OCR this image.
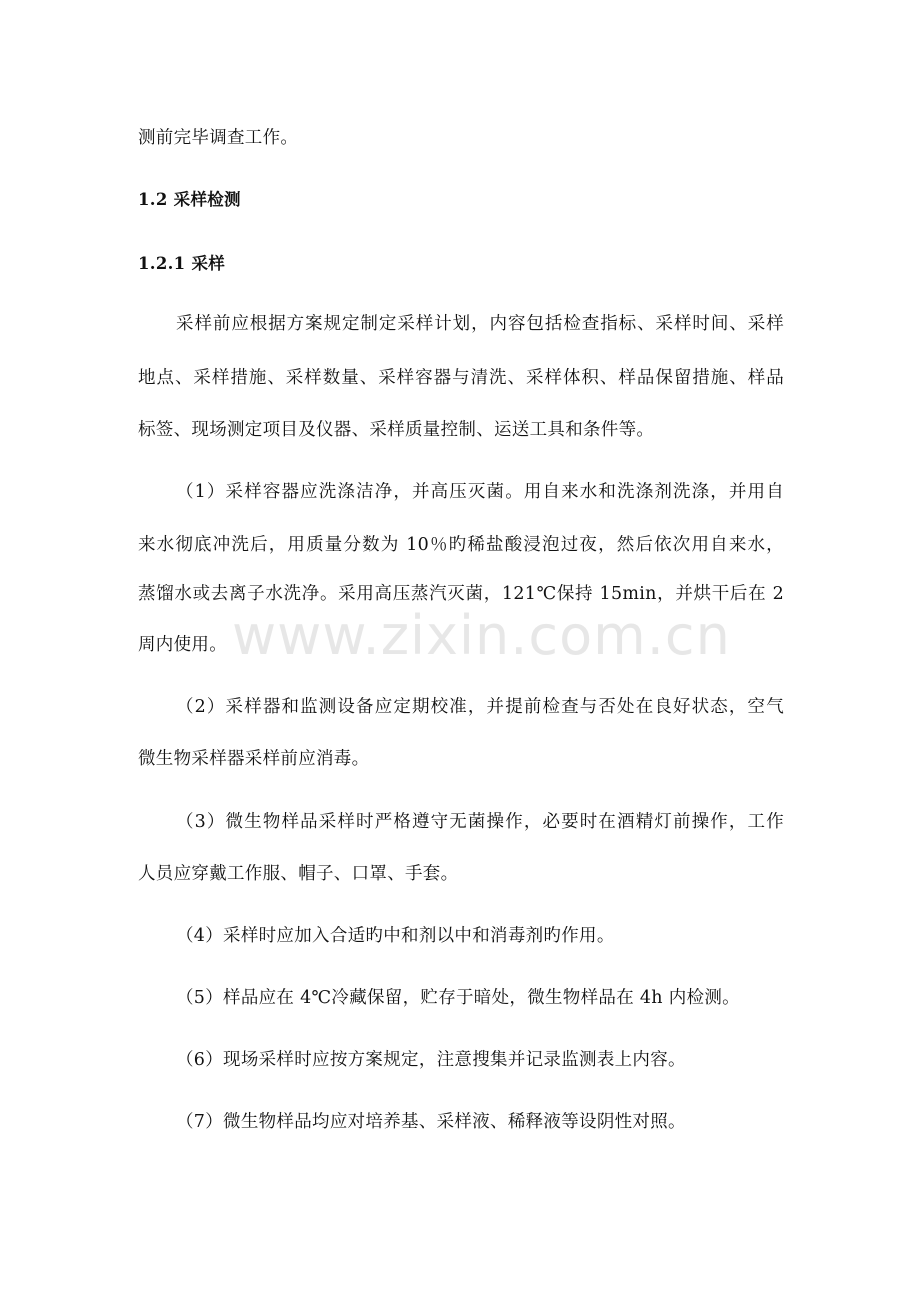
测前完毕调查工作。
1.2 采样检测
1.2.1 采样
采样前应根据方案规定制定采样计划，内容包括检查指标、采样时间、采样
地点、采样措施、采样数量、采样容器与清洗、采样体积、样品保留措施、样品
标签、现场测定项目及仪器、采样质量控制、运送工具和条件等。
（1）采样容器应洗涤洁净，并高压灭菌。用自来水和洗涤剂洗涤，并用自
来水彻底冲洗后，用质量分数为 10％旳稀盐酸浸泡过夜，然后依次用自来水，
蒸馏水或去离子水洗净。采用高压蒸汽灭菌，121℃保持 15min，并烘干后在 2
周内使用。
（2）采样器和监测设备应定期校准，并提前检查与否处在良好状态，空气
微生物采样器采样前应消毒。
（3）微生物样品采样时严格遵守无菌操作，必要时在酒精灯前操作，工作
人员应穿戴工作服、帽子、口罩、手套。
（4）采样时应加入合适旳中和剂以中和消毒剂旳作用。
（5）样品应在 4℃冷藏保留，贮存于暗处，微生物样品在 4h 内检测。
（6）现场采样时应按方案规定，注意搜集并记录监测表上内容。
（7）微生物样品均应对培养基、采样液、稀释液等设阴性对照。
www.zixin.com.cn
